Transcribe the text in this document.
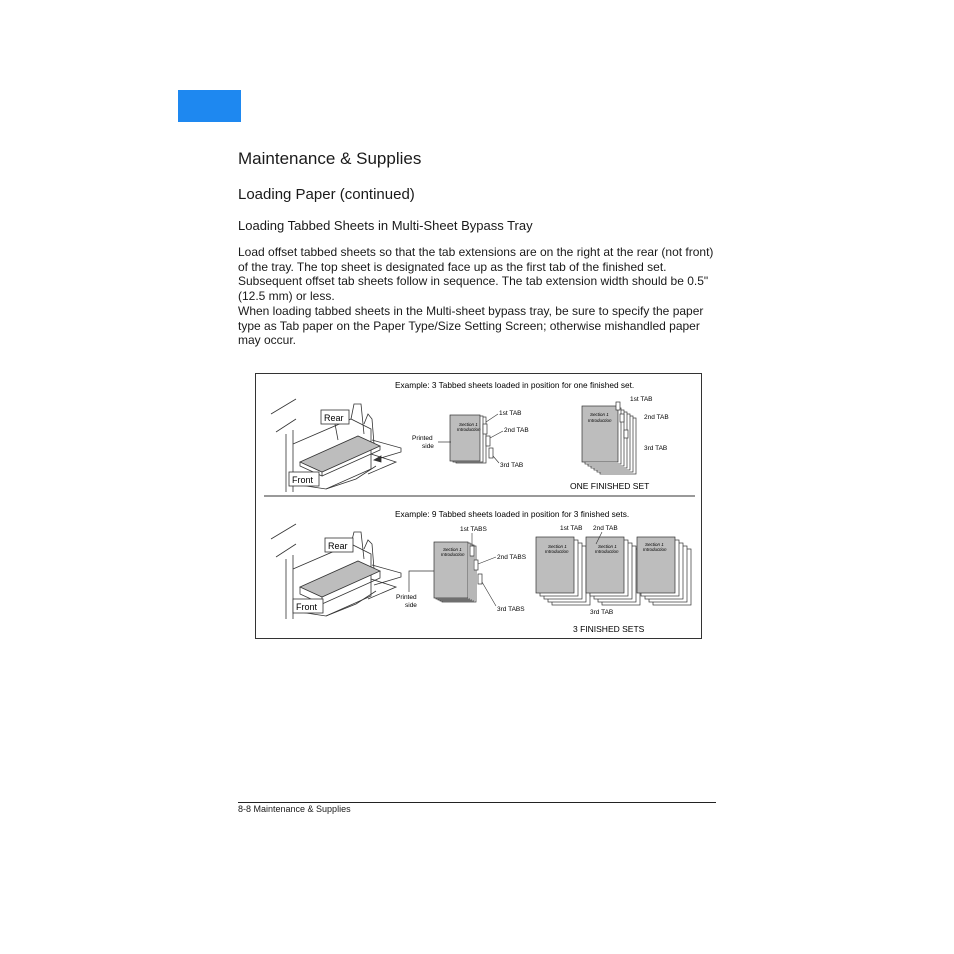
Maintenance & Supplies
Loading Paper (continued)
Loading Tabbed Sheets in Multi-Sheet Bypass Tray

Load offset tabbed sheets so that the tab extensions are on the right at the rear (not front) of the tray. The top sheet is designated face up as the first tab of the finished set. Subsequent offset tab sheets follow in sequence. The tab extension width should be 0.5" (12.5 mm) or less.

When loading tabbed sheets in the Multi-sheet bypass tray, be sure to specify the paper type as Tab paper on the Paper Type/Size Setting Screen; otherwise mishandled paper may occur.

Example: 3 Tabbed sheets loaded in position for one finished set.
Rear
Front
Section 1
Introduction
Printed
side
1st TAB
2nd TAB
3rd TAB
Section 1
Introduction
1st TAB
2nd TAB
3rd TAB
ONE FINISHED SET
Example: 9 Tabbed sheets loaded in position for 3 finished sets.
Rear
Front
Section 1
Introduction
Printed
side
1st TABS
2nd TABS
3rd TABS
Section 1
Introduction
Section 1
Introduction
Section 1
Introduction
1st TAB 2nd TAB
3rd TAB
3 FINISHED SETS
8-8 Maintenance & Supplies
